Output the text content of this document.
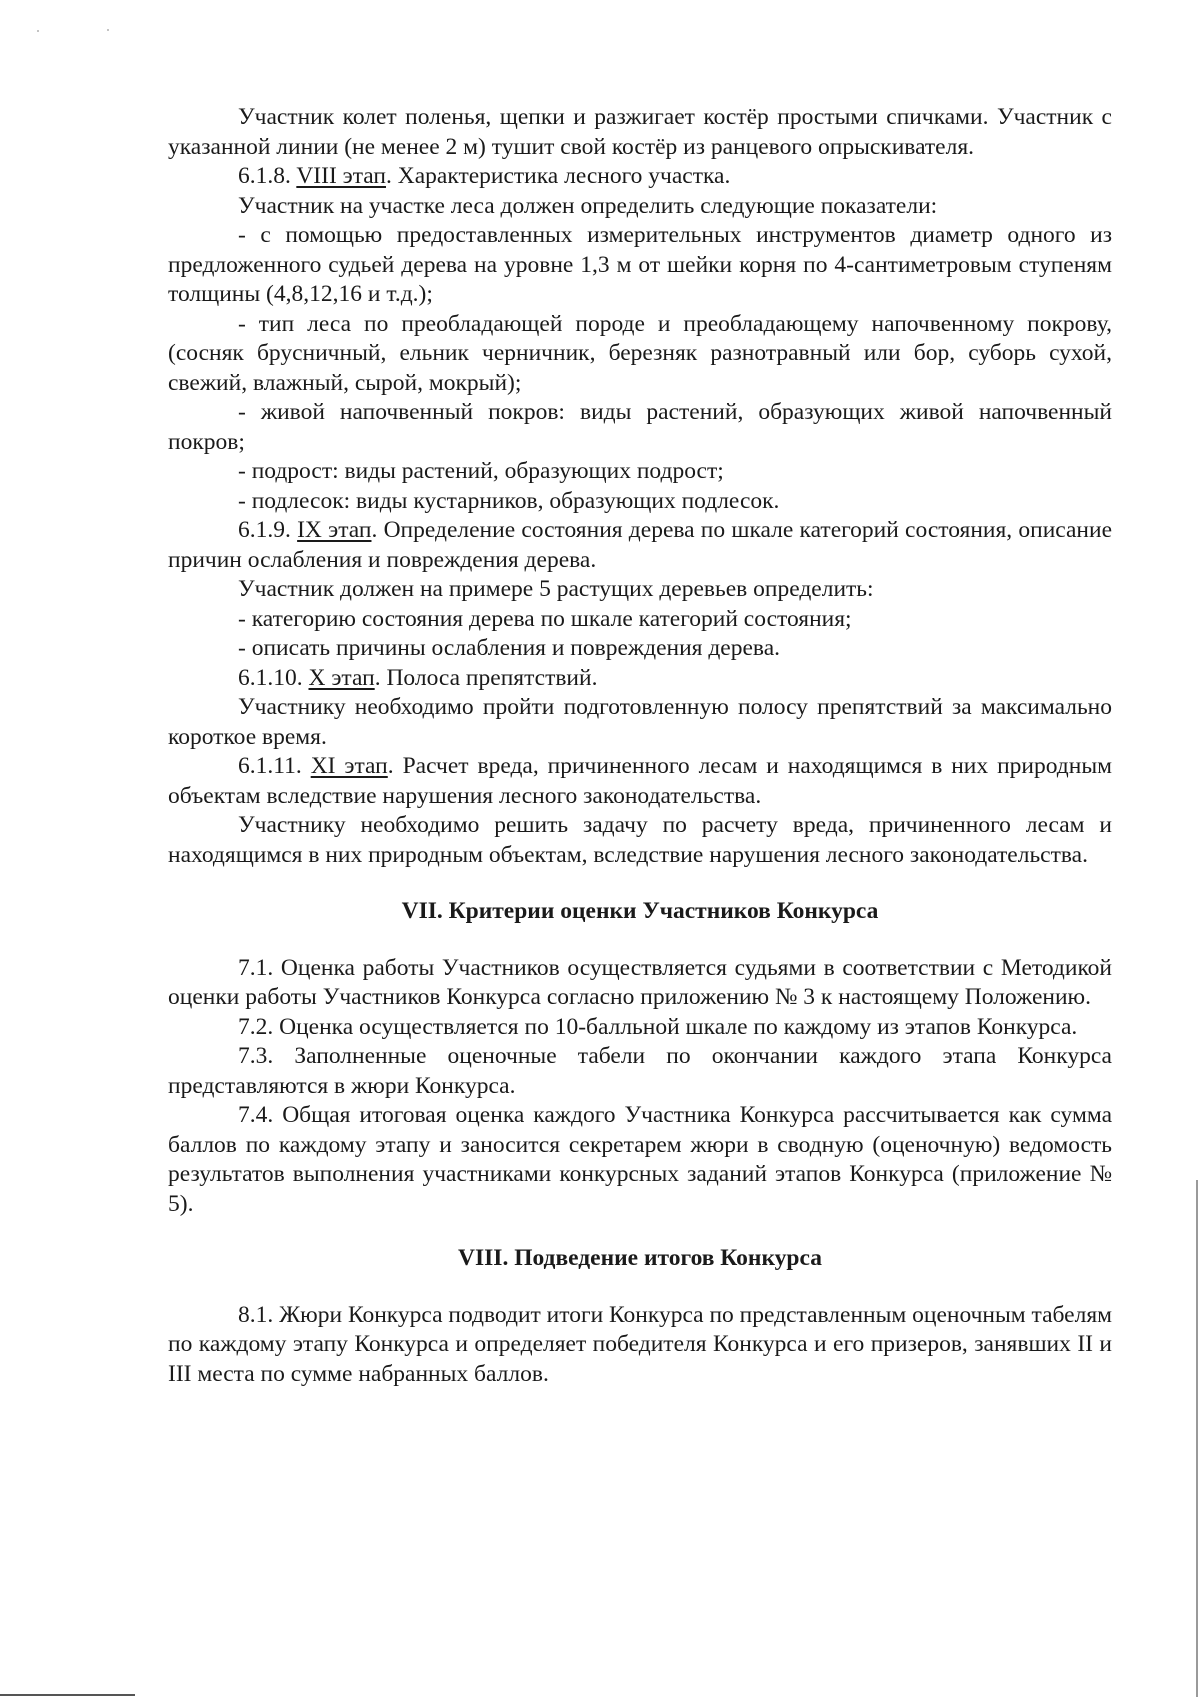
Участник колет поленья, щепки и разжигает костёр простыми спичками. Участник с указанной линии (не менее 2 м) тушит свой костёр из ранцевого опрыскивателя.

6.1.8. VIII этап. Характеристика лесного участка.

Участник на участке леса должен определить следующие показатели:

- с помощью предоставленных измерительных инструментов диаметр одного из предложенного судьей дерева на уровне 1,3 м от шейки корня по 4-сантиметровым ступеням толщины (4,8,12,16 и т.д.);

- тип леса по преобладающей породе и преобладающему напочвенному покрову, (сосняк брусничный, ельник черничник, березняк разнотравный или бор, суборь сухой, свежий, влажный, сырой, мокрый);

- живой напочвенный покров: виды растений, образующих живой напочвенный покров;

- подрост: виды растений, образующих подрост;

- подлесок: виды кустарников, образующих подлесок.

6.1.9. IX этап. Определение состояния дерева по шкале категорий состояния, описание причин ослабления и повреждения дерева.

Участник должен на примере 5 растущих деревьев определить:

- категорию состояния дерева по шкале категорий состояния;

- описать причины ослабления и повреждения дерева.

6.1.10. X этап. Полоса препятствий.

Участнику необходимо пройти подготовленную полосу препятствий за максимально короткое время.

6.1.11. XI этап. Расчет вреда, причиненного лесам и находящимся в них природным объектам вследствие нарушения лесного законодательства.

Участнику необходимо решить задачу по расчету вреда, причиненного лесам и находящимся в них природным объектам, вследствие нарушения лесного законодательства.

VII. Критерии оценки Участников Конкурса

7.1. Оценка работы Участников осуществляется судьями в соответствии с Методикой оценки работы Участников Конкурса согласно приложению № 3 к настоящему Положению.

7.2. Оценка осуществляется по 10-балльной шкале по каждому из этапов Конкурса.

7.3. Заполненные оценочные табели по окончании каждого этапа Конкурса представляются в жюри Конкурса.

7.4. Общая итоговая оценка каждого Участника Конкурса рассчитывается как сумма баллов по каждому этапу и заносится секретарем жюри в сводную (оценочную) ведомость результатов выполнения участниками конкурсных заданий этапов Конкурса (приложение № 5).

VIII. Подведение итогов Конкурса

8.1. Жюри Конкурса подводит итоги Конкурса по представленным оценочным табелям по каждому этапу Конкурса и определяет победителя Конкурса и его призеров, занявших II и III места по сумме набранных баллов.
